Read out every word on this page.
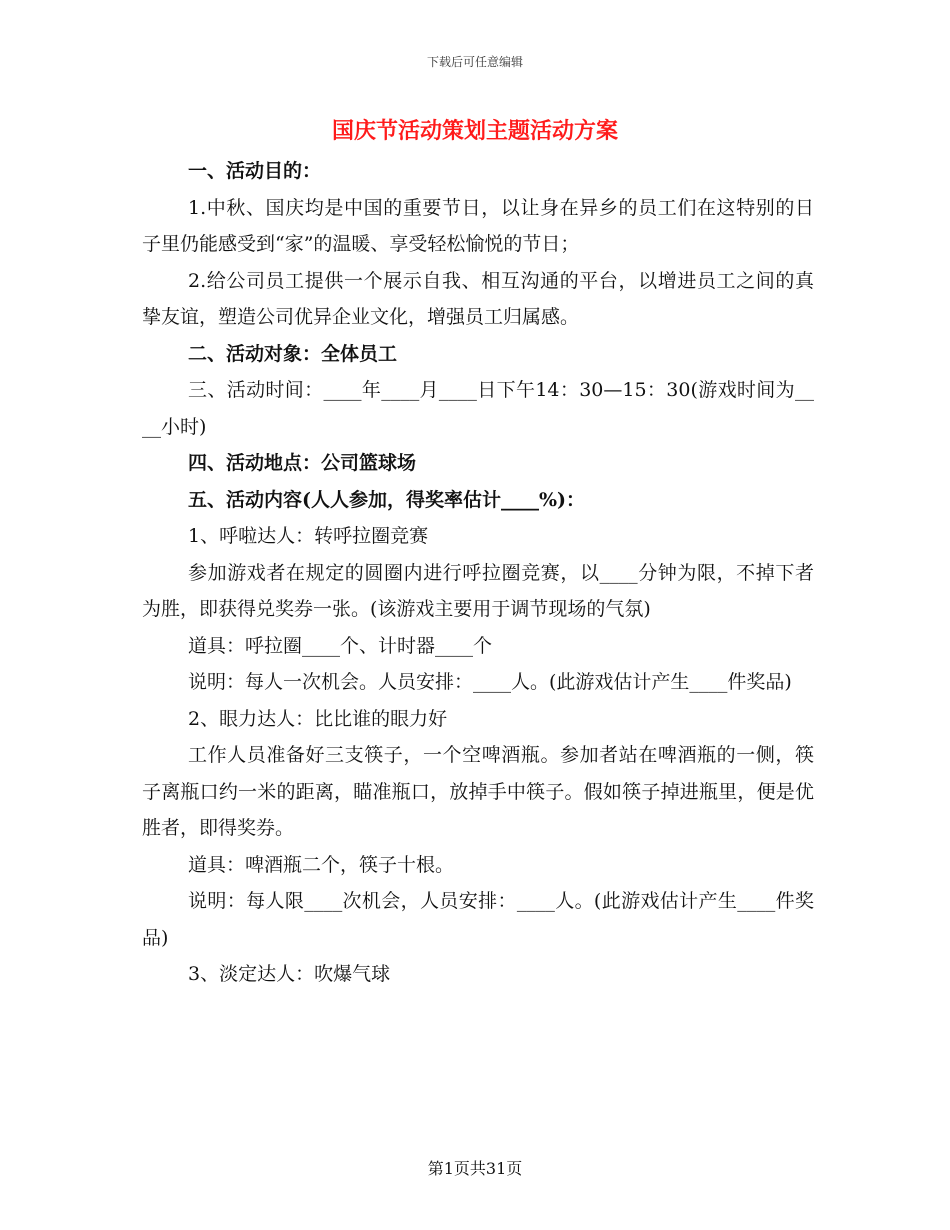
下载后可任意编辑
国庆节活动策划主题活动方案

一、活动目的：

1.中秋、国庆均是中国的重要节日，以让身在异乡的员工们在这特别的日子里仍能感受到“家”的温暖、享受轻松愉悦的节日；

2.给公司员工提供一个展示自我、相互沟通的平台，以增进员工之间的真挚友谊，塑造公司优异企业文化，增强员工归属感。

二、活动对象：全体员工

三、活动时间：____年____月____日下午14：30—15：30(游戏时间为____小时)

四、活动地点：公司篮球场

五、活动内容(人人参加，得奖率估计____%)：

1、呼啦达人：转呼拉圈竞赛

参加游戏者在规定的圆圈内进行呼拉圈竞赛，以____分钟为限，不掉下者为胜，即获得兑奖券一张。(该游戏主要用于调节现场的气氛)

道具：呼拉圈____个、计时器____个

说明：每人一次机会。人员安排：____人。(此游戏估计产生____件奖品)

2、眼力达人：比比谁的眼力好

工作人员准备好三支筷子，一个空啤酒瓶。参加者站在啤酒瓶的一侧，筷子离瓶口约一米的距离，瞄准瓶口，放掉手中筷子。假如筷子掉进瓶里，便是优胜者，即得奖券。

道具：啤酒瓶二个，筷子十根。

说明：每人限____次机会，人员安排：____人。(此游戏估计产生____件奖品)

3、淡定达人：吹爆气球

第1页共31页
